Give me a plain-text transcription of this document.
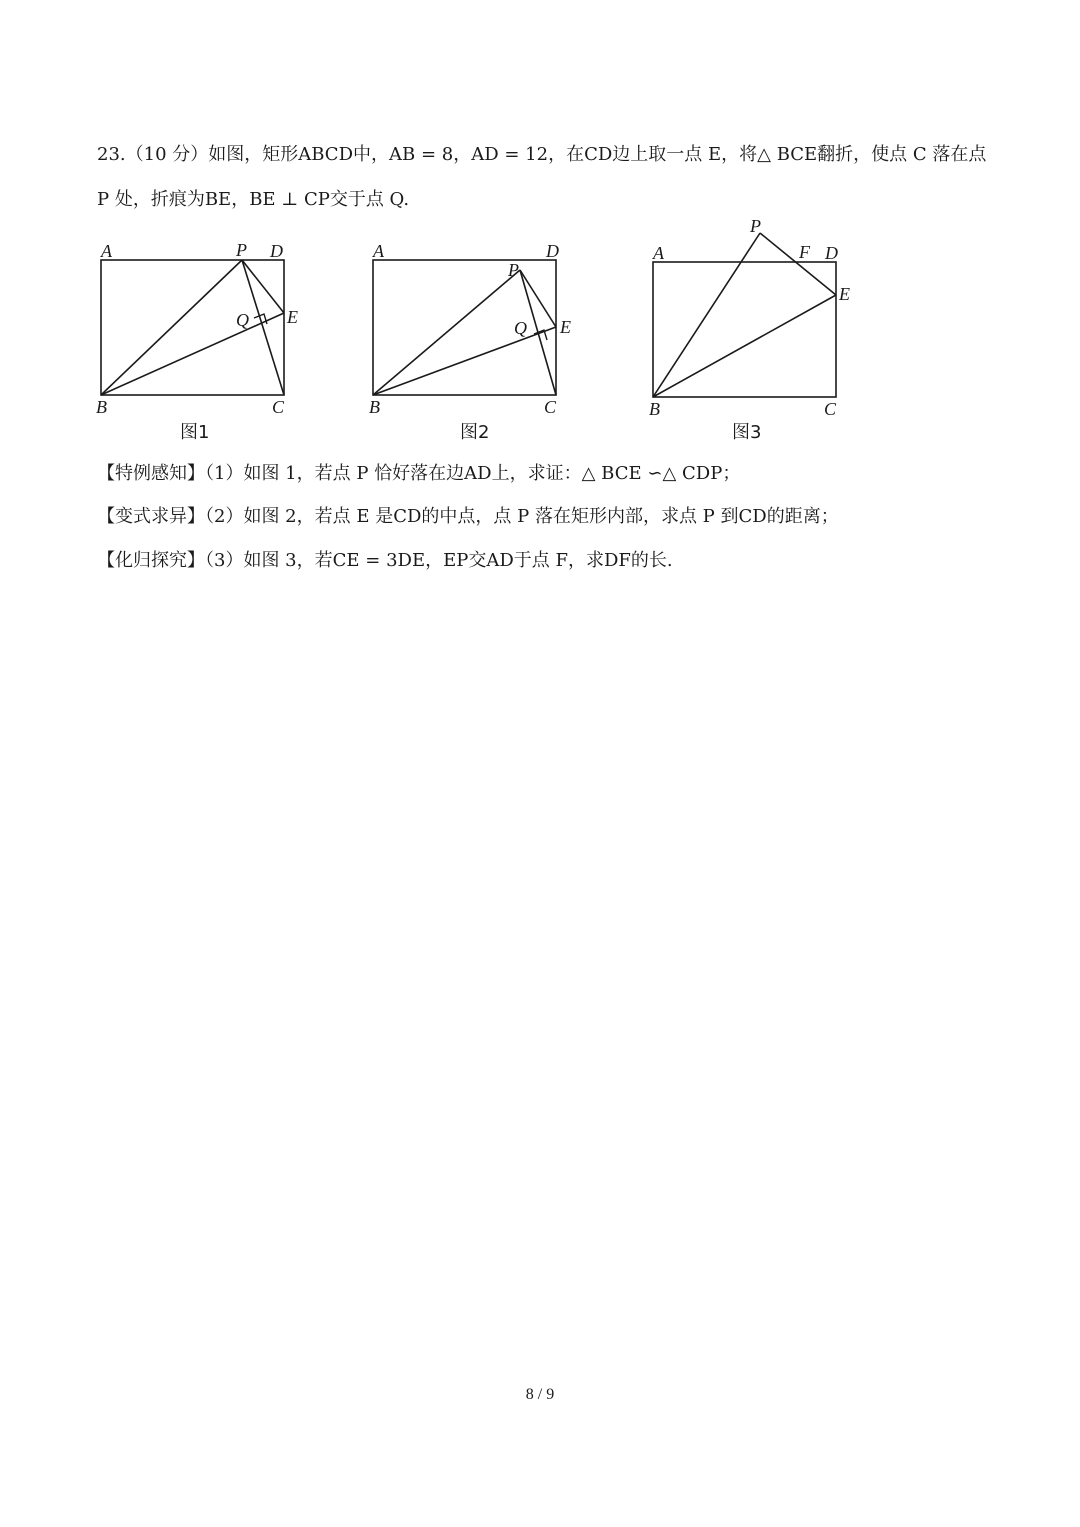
23.（10 分）如图，矩形ABCD中，AB = 8，AD = 12，在CD边上取一点 E，将△ BCE翻折，使点 C 落在点
P 处，折痕为BE，BE ⊥ CP交于点 Q.
A	P D
Q E
B	C
图1
A	D
P
Q E
B	C
图2
P
A	F D
E
B	C
图3
【特例感知】（1）如图 1，若点 P 恰好落在边AD上，求证：△ BCE ∽△ CDP；
【变式求异】（2）如图 2，若点 E 是CD的中点，点 P 落在矩形内部，求点 P 到CD的距离；
【化归探究】（3）如图 3，若CE = 3DE，EP交AD于点 F，求DF的长.
8 / 9
